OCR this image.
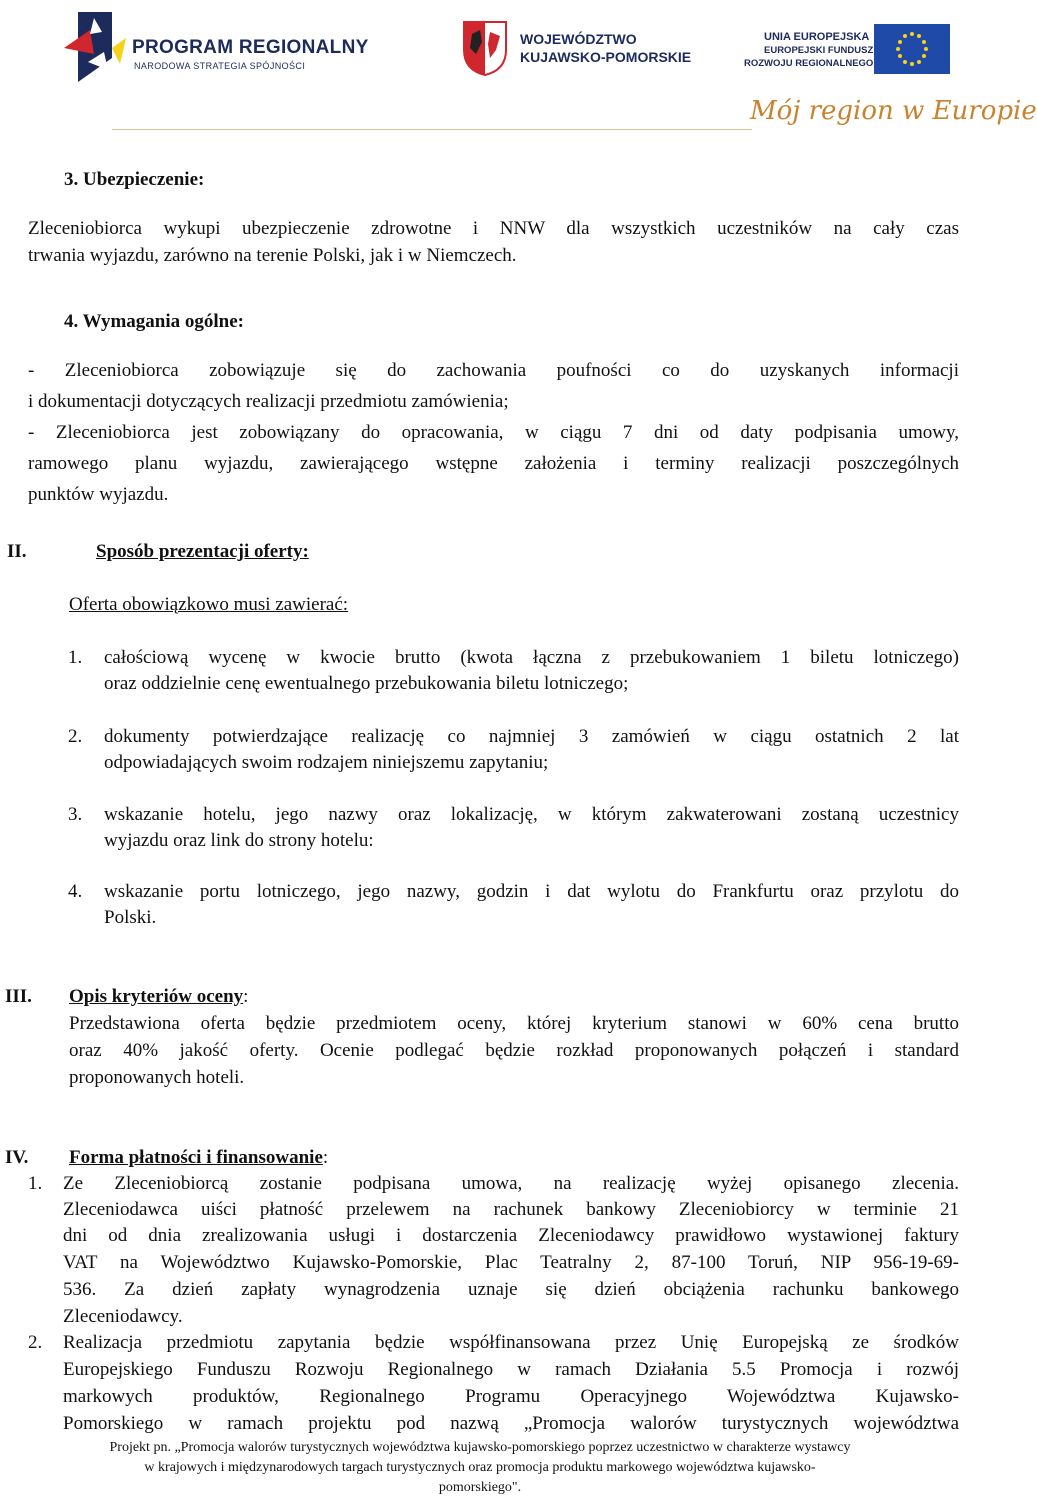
PROGRAM REGIONALNY
NARODOWA STRATEGIA SPÓJNOŚCI
WOJEWÓDZTWO
KUJAWSKO-POMORSKIE
UNIA EUROPEJSKA
EUROPEJSKI FUNDUSZ
ROZWOJU REGIONALNEGO
Mój region w Europie
3. Ubezpieczenie:
Zleceniobiorca wykupi ubezpieczenie zdrowotne i NNW dla wszystkich uczestników na cały czas
trwania wyjazdu, zarówno na terenie Polski, jak i w Niemczech.
4. Wymagania ogólne:
- Zleceniobiorca zobowiązuje się do zachowania poufności co do uzyskanych informacji
i dokumentacji dotyczących realizacji przedmiotu zamówienia;
- Zleceniobiorca jest zobowiązany do opracowania, w ciągu 7 dni od daty podpisania umowy,
ramowego planu wyjazdu, zawierającego wstępne założenia i terminy realizacji poszczególnych
punktów wyjazdu.
II.	Sposób prezentacji oferty:
Oferta obowiązkowo musi zawierać:
1. całościową wycenę w kwocie brutto (kwota łączna z przebukowaniem 1 biletu lotniczego)
oraz oddzielnie cenę ewentualnego przebukowania biletu lotniczego;
2. dokumenty potwierdzające realizację co najmniej 3 zamówień w ciągu ostatnich 2 lat
odpowiadających swoim rodzajem niniejszemu zapytaniu;
3. wskazanie hotelu, jego nazwy oraz lokalizację, w którym zakwaterowani zostaną uczestnicy
wyjazdu oraz link do strony hotelu:
4. wskazanie portu lotniczego, jego nazwy, godzin i dat wylotu do Frankfurtu oraz przylotu do
Polski.
III. Opis kryteriów oceny:
Przedstawiona oferta będzie przedmiotem oceny, której kryterium stanowi w 60% cena brutto
oraz 40% jakość oferty. Ocenie podlegać będzie rozkład proponowanych połączeń i standard
proponowanych hoteli.
IV. Forma płatności i finansowanie:
1. Ze Zleceniobiorcą zostanie podpisana umowa, na realizację wyżej opisanego zlecenia.
Zleceniodawca uiści płatność przelewem na rachunek bankowy Zleceniobiorcy w terminie 21
dni od dnia zrealizowania usługi i dostarczenia Zleceniodawcy prawidłowo wystawionej faktury
VAT na Województwo Kujawsko-Pomorskie, Plac Teatralny 2, 87-100 Toruń, NIP 956-19-69-
536. Za dzień zapłaty wynagrodzenia uznaje się dzień obciążenia rachunku bankowego
Zleceniodawcy.
2. Realizacja przedmiotu zapytania będzie współfinansowana przez Unię Europejską ze środków
Europejskiego Funduszu Rozwoju Regionalnego w ramach Działania 5.5 Promocja i rozwój
markowych produktów, Regionalnego Programu Operacyjnego Województwa Kujawsko-
Pomorskiego w ramach projektu pod nazwą „Promocja walorów turystycznych województwa
Projekt pn. „Promocja walorów turystycznych województwa kujawsko-pomorskiego poprzez uczestnictwo w charakterze wystawcy
w krajowych i międzynarodowych targach turystycznych oraz promocja produktu markowego województwa kujawsko-
pomorskiego".
